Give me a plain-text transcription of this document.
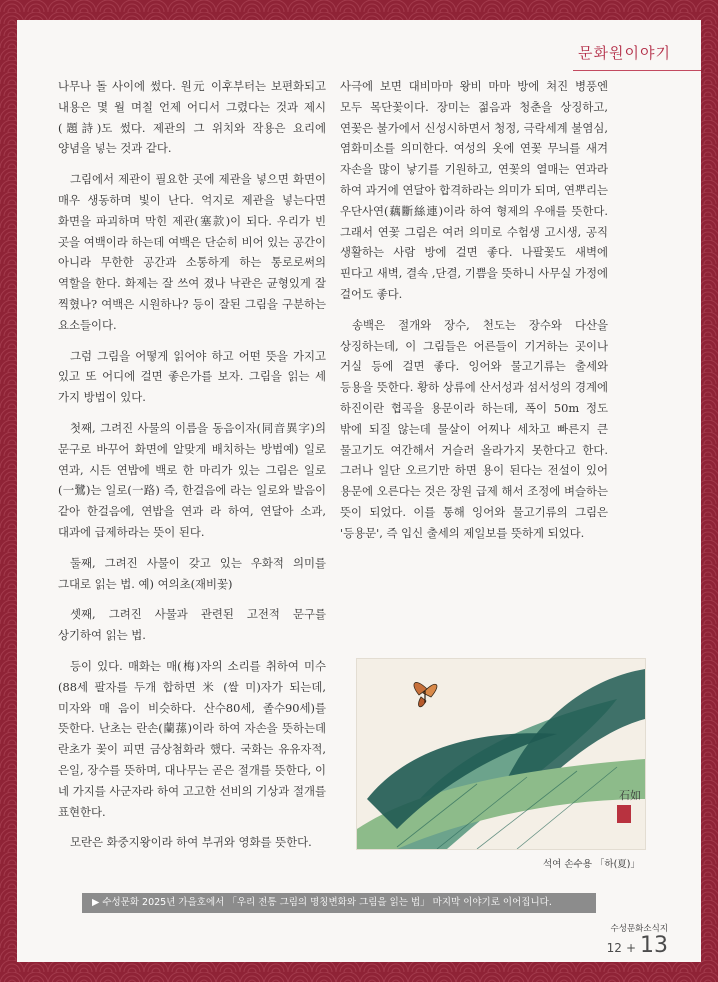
문화원이야기

나무나 돌 사이에 썼다. 원元 이후부터는 보편화되고 내용은 몇 월 며칠 언제 어디서 그렸다는 것과 제시(題詩)도 썼다. 제관의 그 위치와 작용은 요리에 양념을 넣는 것과 같다.

그림에서 제관이 필요한 곳에 제관을 넣으면 화면이 매우 생동하며 빛이 난다. 억지로 제관을 넣는다면 화면을 파괴하며 막힌 제관(塞款)이 되다. 우리가 빈 곳을 여백이라 하는데 여백은 단순히 비어 있는 공간이 아니라 무한한 공간과 소통하게 하는 통로로써의 역할을 한다. 화제는 잘 쓰여 졌나 낙관은 균형있게 잘 찍혔나? 여백은 시원하나? 등이 잘된 그림을 구분하는 요소들이다.

그럼 그림을 어떻게 읽어야 하고 어떤 뜻을 가지고 있고 또 어디에 걸면 좋은가를 보자. 그림을 읽는 세 가지 방법이 있다.

첫째, 그려진 사물의 이름을 동음이자(同音異字)의 문구로 바꾸어 화면에 알맞게 배치하는 방법예) 일로 연과, 시든 연밥에 백로 한 마리가 있는 그림은 일로(一鷺)는 일로(一路) 즉, 한걸음에 라는 일로와 발음이 같아 한걸음에, 연밥을 연과 라 하여, 연달아 소과, 대과에 급제하라는 뜻이 된다.

둘째, 그려진 사물이 갖고 있는 우화적 의미를 그대로 읽는 법. 예) 여의초(재비꽃)

셋째, 그려진 사물과 관련된 고전적 문구를 상기하여 읽는 법.

등이 있다. 매화는 매(梅)자의 소리를 취하여 미수(88세 팔자를 두개 합하면 米 (쌀 미)자가 되는데, 미자와 매 음이 비슷하다. 산수80세, 졸수90세)를 뜻한다. 난초는 란손(蘭蓀)이라 하여 자손을 뜻하는데 란초가 꽃이 피면 금상첨화라 했다. 국화는 유유자적, 은일, 장수를 뜻하며, 대나무는 곧은 절개를 뜻한다, 이 네 가지를 사군자라 하여 고고한 선비의 기상과 절개를 표현한다.

모란은 화중지왕이라 하여 부귀와 영화를 뜻한다.

사극에 보면 대비마마 왕비 마마 방에 쳐진 병풍엔 모두 목단꽃이다. 장미는 젊음과 청춘을 상징하고, 연꽃은 불가에서 신성시하면서 청정, 극락세계 불염심, 염화미소를 의미한다. 여성의 옷에 연꽃 무늬를 새겨 자손을 많이 낳기를 기원하고, 연꽃의 열매는 연과라 하여 과거에 연달아 합격하라는 의미가 되며, 연뿌리는 우단사연(藕斷絲連)이라 하여 형제의 우애를 뜻한다. 그래서 연꽃 그림은 여러 의미로 수험생 고시생, 공직 생활하는 사람 방에 걸면 좋다. 나팔꽃도 새벽에 핀다고 새벽, 결속 ,단결, 기쁨을 뜻하니 사무실 가정에 걸어도 좋다.

송백은 절개와 장수, 천도는 장수와 다산을 상징하는데, 이 그림들은 어른들이 기거하는 곳이나 거실 등에 걸면 좋다. 잉어와 물고기류는 출세와 등용을 뜻한다. 황하 상류에 산서성과 섬서성의 경계에 하진이란 협곡을 용문이라 하는데, 폭이 50m 정도 밖에 되질 않는데 물살이 어찌나 세차고 빠른지 큰 물고기도 여간해서 거슬러 올라가지 못한다고 한다. 그러나 일단 오르기만 하면 용이 된다는 전설이 있어 용문에 오른다는 것은 장원 급제 해서 조정에 벼슬하는 뜻이 되었다. 이를 통해 잉어와 물고기류의 그림은 '등용문', 즉 입신 출세의 제일보를 뜻하게 되었다.

石如
석여 손수용 「하(夏)」
▶ 수성문화 2025년 가을호에서 「우리 전통 그림의 명칭변화와 그림을 읽는 법」 마지막 이야기로 이어집니다.
수성문화소식지
12 + 13
